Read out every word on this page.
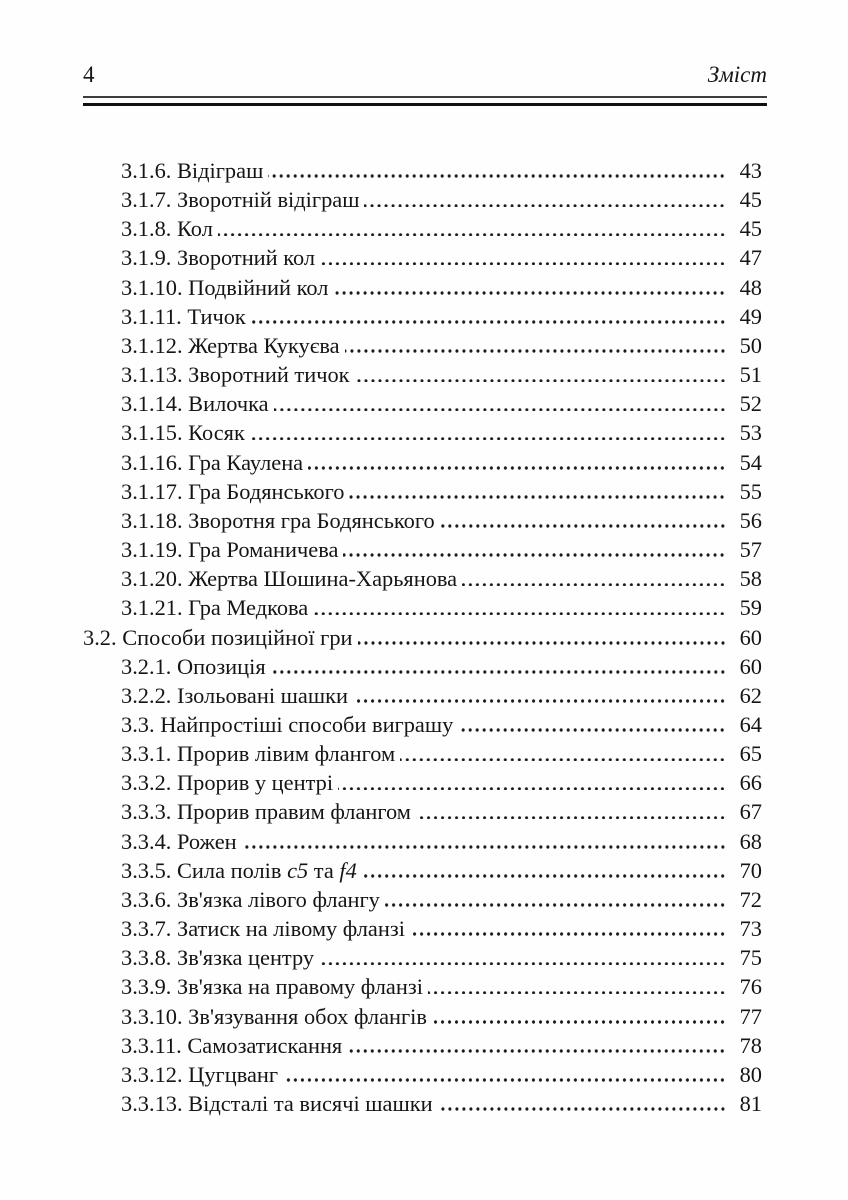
4	Зміст
3.1.6. Відіграш	43
3.1.7. Зворотній відіграш	45
3.1.8. Кол	45
3.1.9. Зворотний кол	47
3.1.10. Подвійний кол	48
3.1.11. Тичок	49
3.1.12. Жертва Кукуєва	50
3.1.13. Зворотний тичок	51
3.1.14. Вилочка	52
3.1.15. Косяк	53
3.1.16. Гра Каулена	54
3.1.17. Гра Бодянського	55
3.1.18. Зворотня гра Бодянського	56
3.1.19. Гра Романичева	57
3.1.20. Жертва Шошина-Харьянова	58
3.1.21. Гра Медкова	59
3.2. Способи позиційної гри	60
3.2.1. Опозиція	60
3.2.2. Ізольовані шашки	62
3.3. Найпростіші способи виграшу	64
3.3.1. Прорив лівим флангом	65
3.3.2. Прорив у центрі	66
3.3.3. Прорив правим флангом	67
3.3.4. Рожен	68
3.3.5. Сила полів c5 та f4	70
3.3.6. Зв'язка лівого флангу	72
3.3.7. Затиск на лівому фланзі	73
3.3.8. Зв'язка центру	75
3.3.9. Зв'язка на правому фланзі	76
3.3.10. Зв'язування обох флангів	77
3.3.11. Самозатискання	78
3.3.12. Цугцванг	80
3.3.13. Відсталі та висячі шашки	81
